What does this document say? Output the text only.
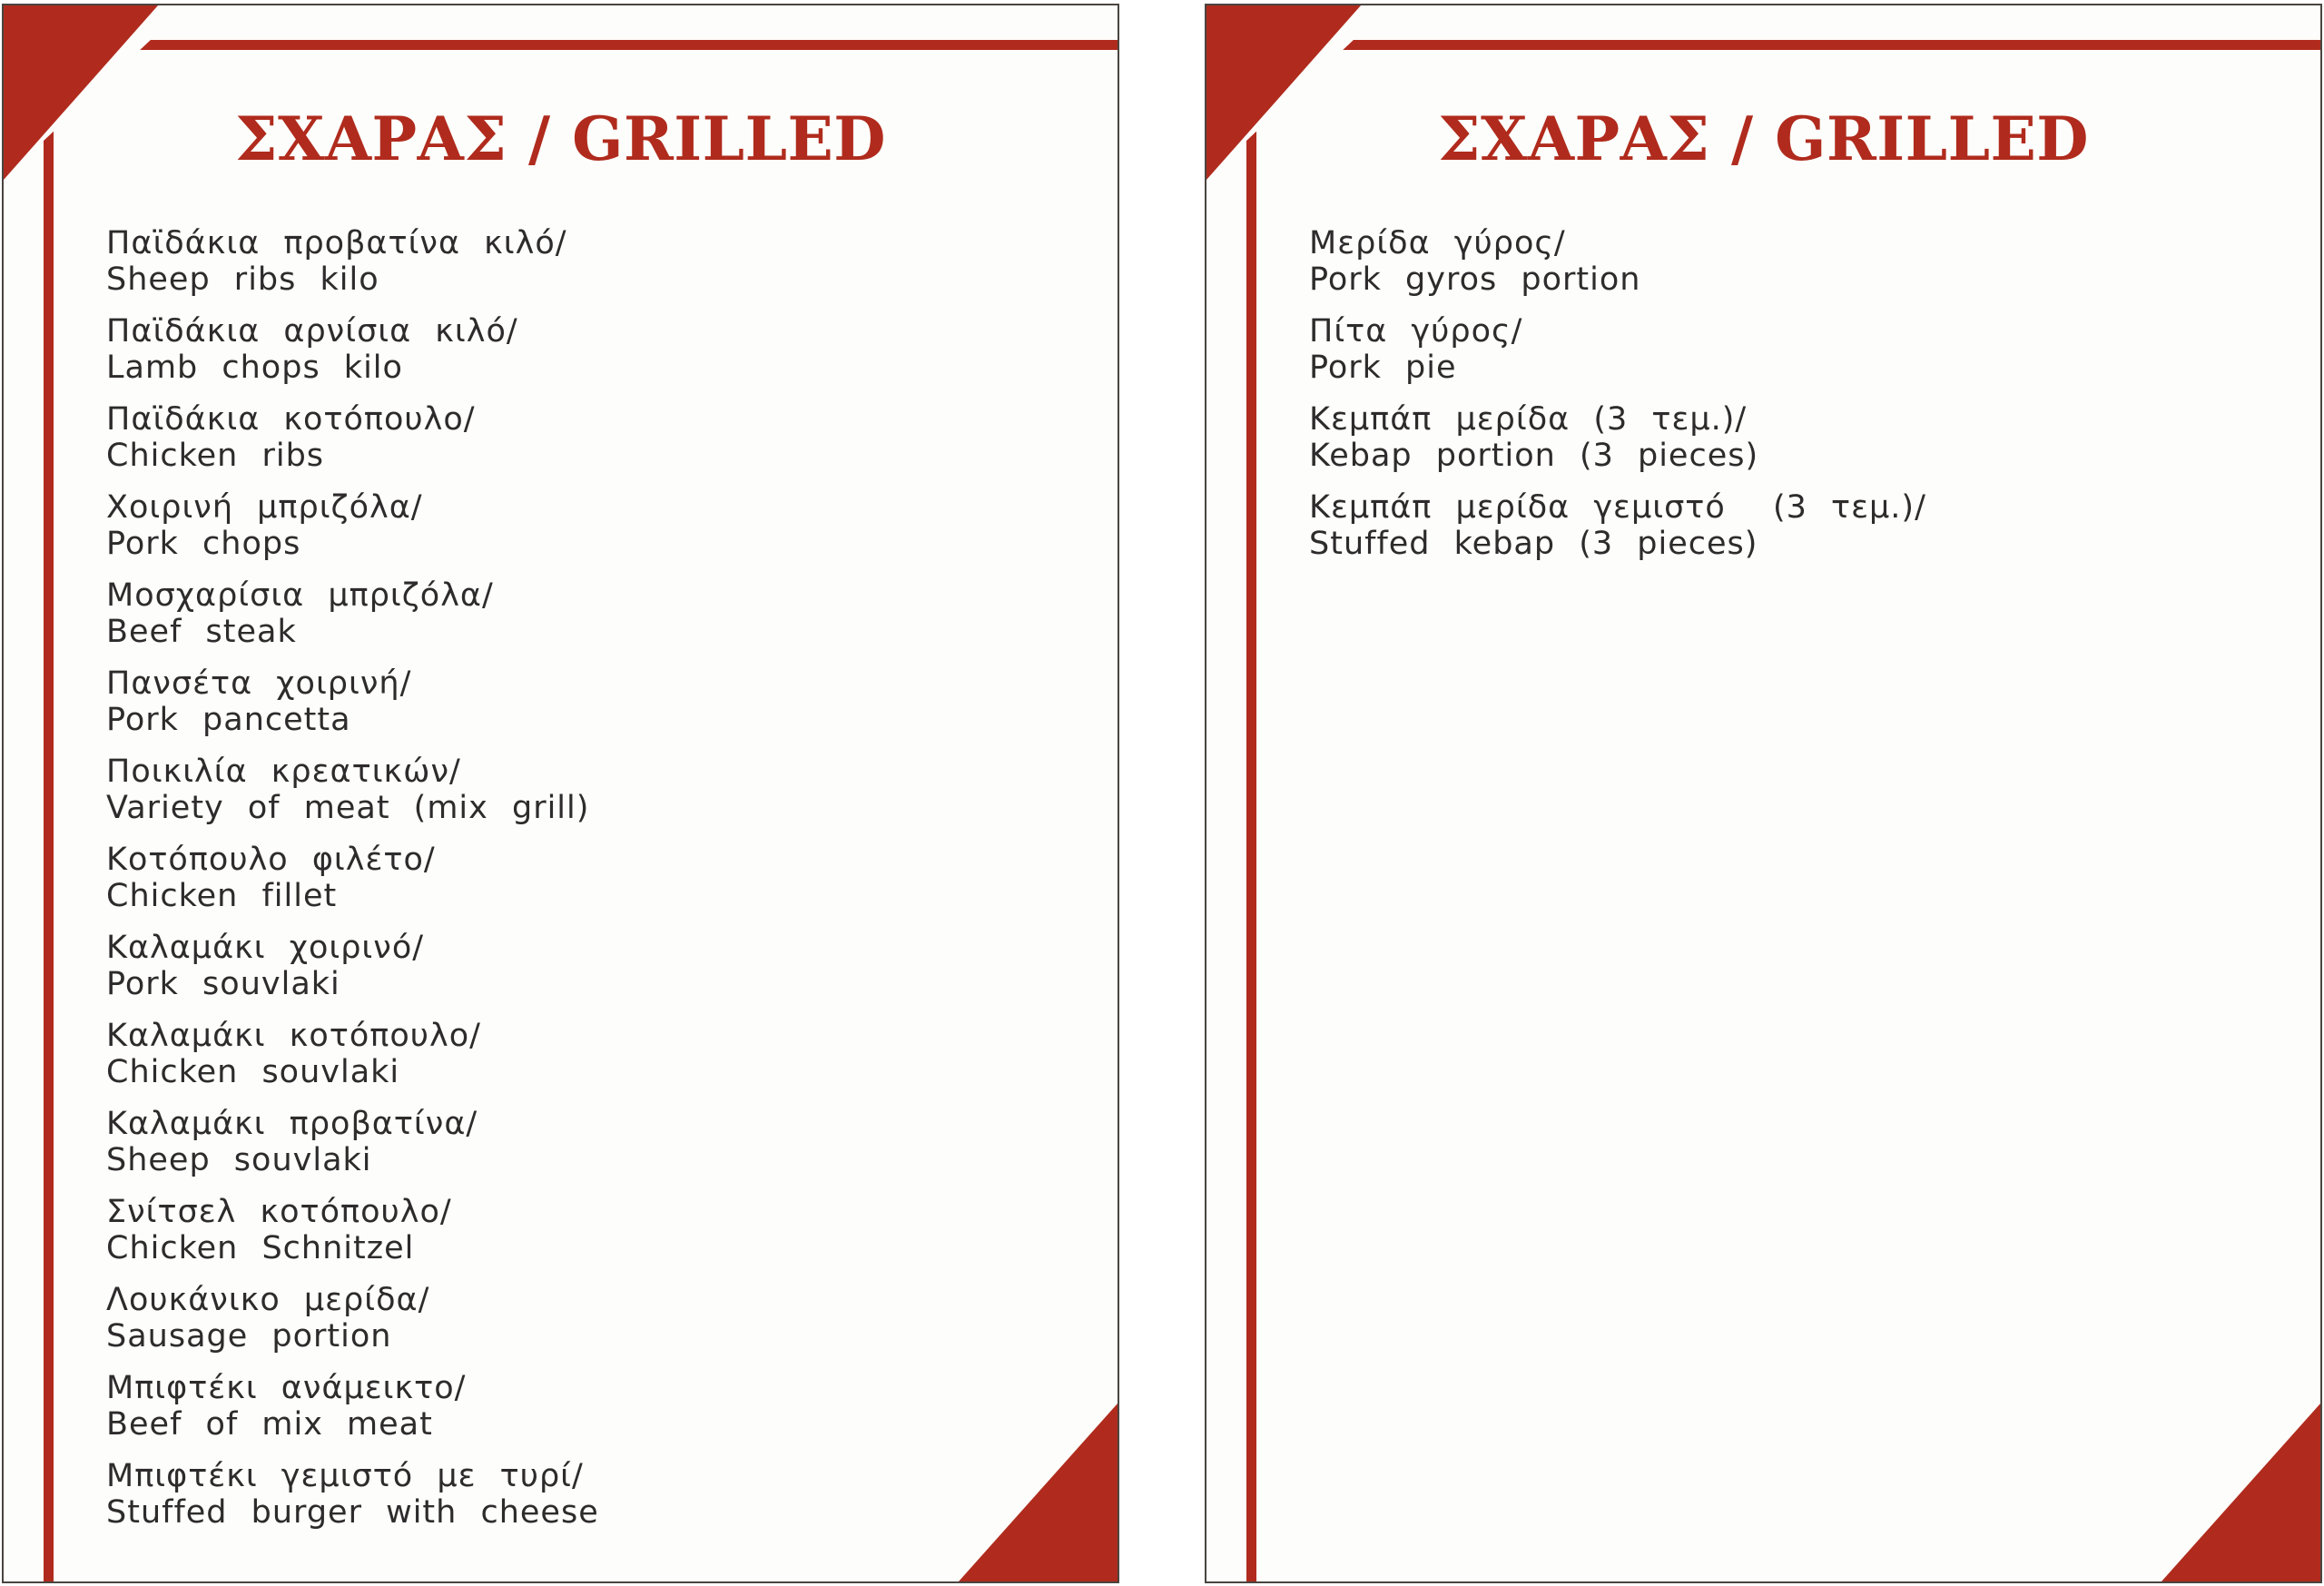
ΣΧΑΡΑΣ / GRILLED
Παϊδάκια προβατίνα κιλό/
Sheep ribs kilo
Παϊδάκια αρνίσια κιλό/
Lamb chops kilo
Παϊδάκια κοτόπουλο/
Chicken ribs
Χοιρινή μπριζόλα/
Pork chops
Μοσχαρίσια μπριζόλα/
Beef steak
Πανσέτα χοιρινή/
Pork pancetta
Ποικιλία κρεατικών/
Variety of meat (mix grill)
Κοτόπουλο φιλέτο/
Chicken fillet
Καλαμάκι χοιρινό/
Pork souvlaki
Καλαμάκι κοτόπουλο/
Chicken souvlaki
Καλαμάκι προβατίνα/
Sheep souvlaki
Σνίτσελ κοτόπουλο/
Chicken Schnitzel
Λουκάνικο μερίδα/
Sausage portion
Μπιφτέκι ανάμεικτο/
Beef of mix meat
Μπιφτέκι γεμιστό με τυρί/
Stuffed burger with cheese
ΣΧΑΡΑΣ / GRILLED
Μερίδα γύρος/
Pork gyros portion
Πίτα γύρος/
Pork pie
Κεμπάπ μερίδα (3 τεμ.)/
Kebap portion (3 pieces)
Κεμπάπ μερίδα γεμιστό  (3 τεμ.)/
Stuffed kebap (3 pieces)
